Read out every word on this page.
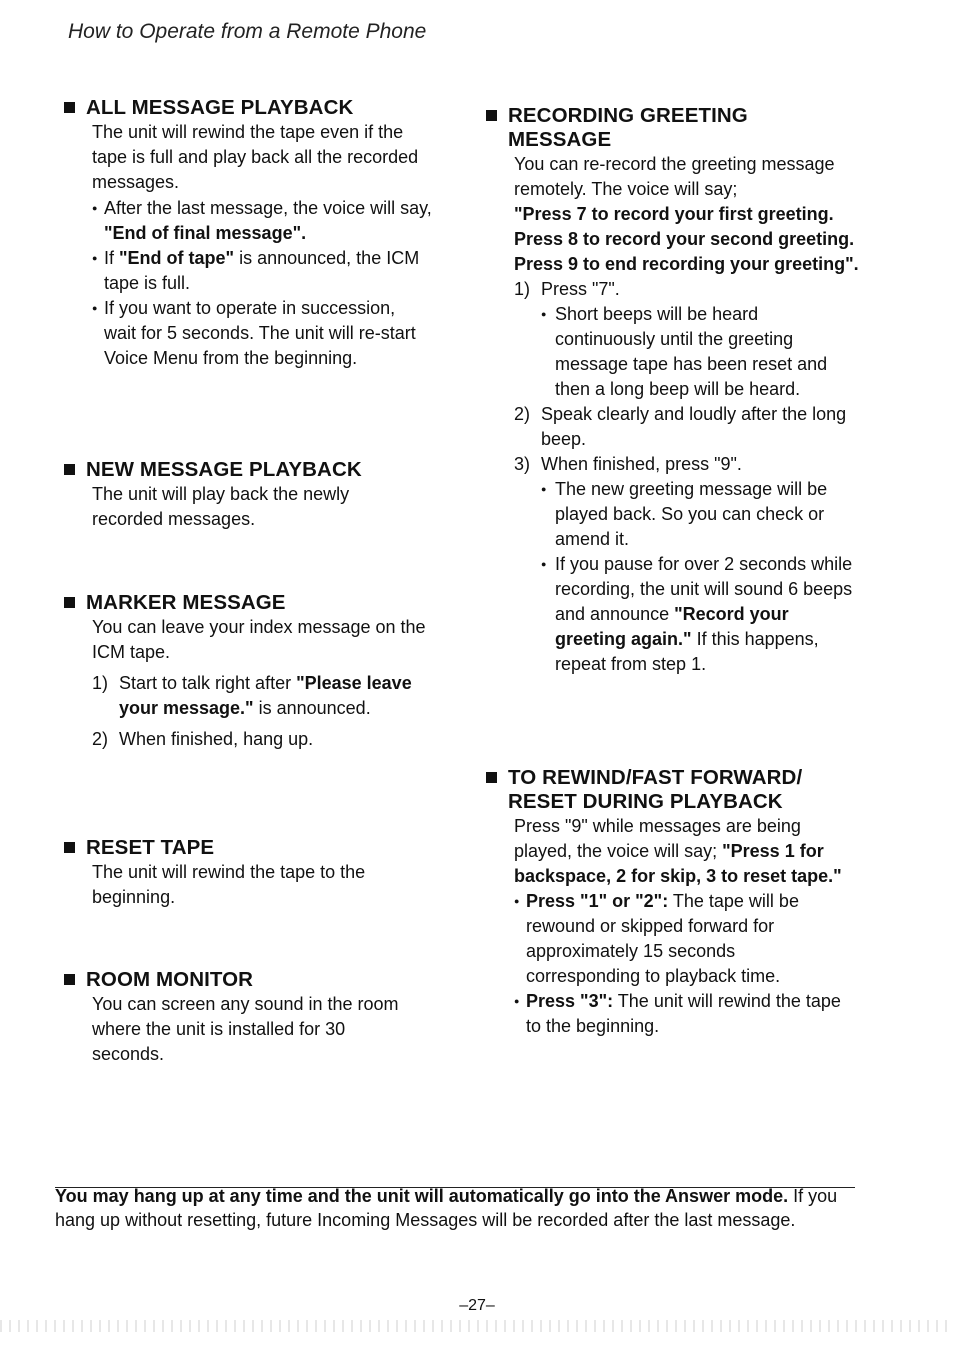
How to Operate from a Remote Phone
ALL MESSAGE PLAYBACK
The unit will rewind the tape even if the tape is full and play back all the recorded messages.
● After the last message, the voice will say, "End of final message".
● If "End of tape" is announced, the ICM tape is full.
● If you want to operate in succession, wait for 5 seconds. The unit will re-start Voice Menu from the beginning.
NEW MESSAGE PLAYBACK
The unit will play back the newly recorded messages.
MARKER MESSAGE
You can leave your index message on the ICM tape.
1) Start to talk right after "Please leave your message." is announced.
2) When finished, hang up.
RESET TAPE
The unit will rewind the tape to the beginning.
ROOM MONITOR
You can screen any sound in the room where the unit is installed for 30 seconds.
RECORDING GREETING MESSAGE
You can re-record the greeting message remotely. The voice will say;
"Press 7 to record your first greeting. Press 8 to record your second greeting. Press 9 to end recording your greeting".
1) Press "7".
● Short beeps will be heard continuously until the greeting message tape has been reset and then a long beep will be heard.
2) Speak clearly and loudly after the long beep.
3) When finished, press "9".
● The new greeting message will be played back. So you can check or amend it.
● If you pause for over 2 seconds while recording, the unit will sound 6 beeps and announce "Record your greeting again." If this happens, repeat from step 1.
TO REWIND/FAST FORWARD/ RESET DURING PLAYBACK
Press "9" while messages are being played, the voice will say; "Press 1 for backspace, 2 for skip, 3 to reset tape."
● Press "1" or "2": The tape will be rewound or skipped forward for approximately 15 seconds corresponding to playback time.
● Press "3": The unit will rewind the tape to the beginning.
You may hang up at any time and the unit will automatically go into the Answer mode. If you hang up without resetting, future Incoming Messages will be recorded after the last message.
–27–
